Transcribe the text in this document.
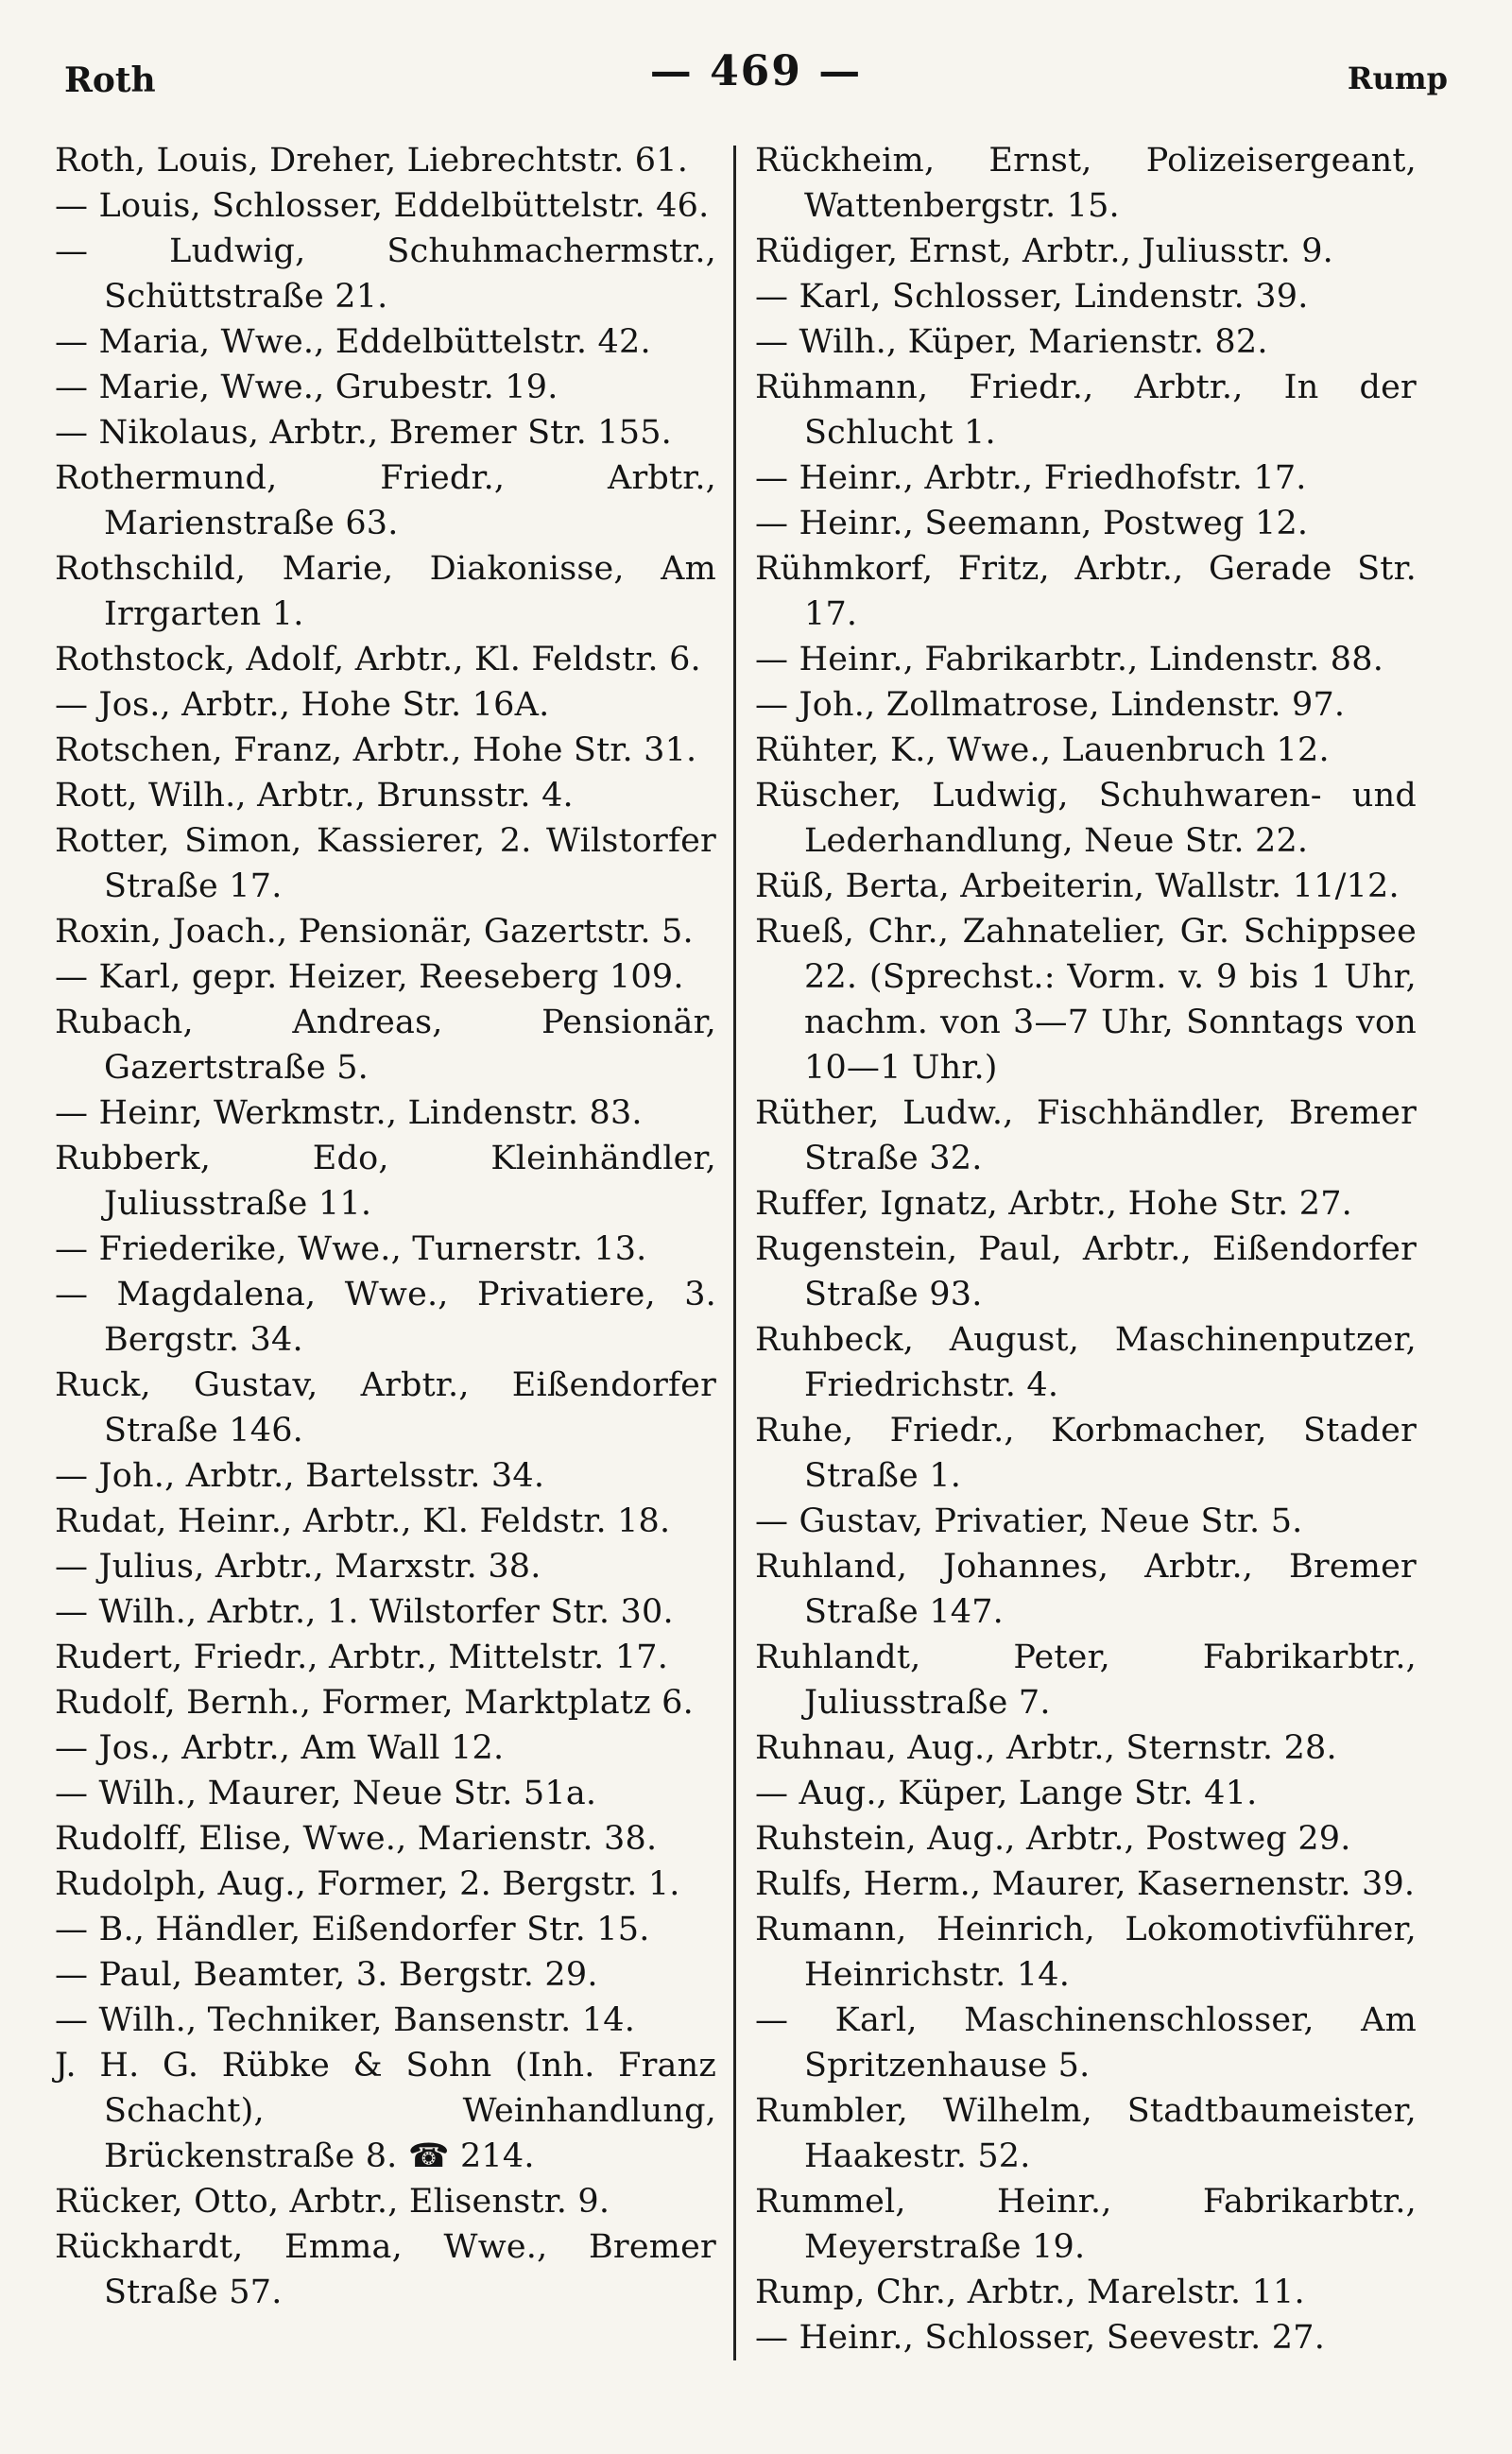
Roth	— 469 —	Rump

Roth, Louis, Dreher, Liebrechtstr. 61.

— Louis, Schlosser, Eddelbüttelstr. 46.

— Ludwig, Schuhmachermstr., Schüttstraße 21.

— Maria, Wwe., Eddelbüttelstr. 42.

— Marie, Wwe., Grubestr. 19.

— Nikolaus, Arbtr., Bremer Str. 155.

Rothermund, Friedr., Arbtr., Marienstraße 63.

Rothschild, Marie, Diakonisse, Am Irrgarten 1.

Rothstock, Adolf, Arbtr., Kl. Feldstr. 6.

— Jos., Arbtr., Hohe Str. 16A.

Rotschen, Franz, Arbtr., Hohe Str. 31.

Rott, Wilh., Arbtr., Brunsstr. 4.

Rotter, Simon, Kassierer, 2. Wilstorfer Straße 17.

Roxin, Joach., Pensionär, Gazertstr. 5.

— Karl, gepr. Heizer, Reeseberg 109.

Rubach, Andreas, Pensionär, Gazertstraße 5.

— Heinr, Werkmstr., Lindenstr. 83.

Rubberk, Edo, Kleinhändler, Juliusstraße 11.

— Friederike, Wwe., Turnerstr. 13.

— Magdalena, Wwe., Privatiere, 3. Bergstr. 34.

Ruck, Gustav, Arbtr., Eißendorfer Straße 146.

— Joh., Arbtr., Bartelsstr. 34.

Rudat, Heinr., Arbtr., Kl. Feldstr. 18.

— Julius, Arbtr., Marxstr. 38.

— Wilh., Arbtr., 1. Wilstorfer Str. 30.

Rudert, Friedr., Arbtr., Mittelstr. 17.

Rudolf, Bernh., Former, Marktplatz 6.

— Jos., Arbtr., Am Wall 12.

— Wilh., Maurer, Neue Str. 51a.

Rudolff, Elise, Wwe., Marienstr. 38.

Rudolph, Aug., Former, 2. Bergstr. 1.

— B., Händler, Eißendorfer Str. 15.

— Paul, Beamter, 3. Bergstr. 29.

— Wilh., Techniker, Bansenstr. 14.

J. H. G. Rübke & Sohn (Inh. Franz Schacht), Weinhandlung, Brückenstraße 8. ☎ 214.

Rücker, Otto, Arbtr., Elisenstr. 9.

Rückhardt, Emma, Wwe., Bremer Straße 57.

Rückheim, Ernst, Polizeisergeant, Wattenbergstr. 15.

Rüdiger, Ernst, Arbtr., Juliusstr. 9.

— Karl, Schlosser, Lindenstr. 39.

— Wilh., Küper, Marienstr. 82.

Rühmann, Friedr., Arbtr., In der Schlucht 1.

— Heinr., Arbtr., Friedhofstr. 17.

— Heinr., Seemann, Postweg 12.

Rühmkorf, Fritz, Arbtr., Gerade Str. 17.

— Heinr., Fabrikarbtr., Lindenstr. 88.

— Joh., Zollmatrose, Lindenstr. 97.

Rühter, K., Wwe., Lauenbruch 12.

Rüscher, Ludwig, Schuhwaren- und Lederhandlung, Neue Str. 22.

Rüß, Berta, Arbeiterin, Wallstr. 11/12.

Rueß, Chr., Zahnatelier, Gr. Schippsee 22. (Sprechst.: Vorm. v. 9 bis 1 Uhr, nachm. von 3—7 Uhr, Sonntags von 10—1 Uhr.)

Rüther, Ludw., Fischhändler, Bremer Straße 32.

Ruffer, Ignatz, Arbtr., Hohe Str. 27.

Rugenstein, Paul, Arbtr., Eißendorfer Straße 93.

Ruhbeck, August, Maschinenputzer, Friedrichstr. 4.

Ruhe, Friedr., Korbmacher, Stader Straße 1.

— Gustav, Privatier, Neue Str. 5.

Ruhland, Johannes, Arbtr., Bremer Straße 147.

Ruhlandt, Peter, Fabrikarbtr., Juliusstraße 7.

Ruhnau, Aug., Arbtr., Sternstr. 28.

— Aug., Küper, Lange Str. 41.

Ruhstein, Aug., Arbtr., Postweg 29.

Rulfs, Herm., Maurer, Kasernenstr. 39.

Rumann, Heinrich, Lokomotivführer, Heinrichstr. 14.

— Karl, Maschinenschlosser, Am Spritzenhause 5.

Rumbler, Wilhelm, Stadtbaumeister, Haakestr. 52.

Rummel, Heinr., Fabrikarbtr., Meyerstraße 19.

Rump, Chr., Arbtr., Marelstr. 11.

— Heinr., Schlosser, Seevestr. 27.
